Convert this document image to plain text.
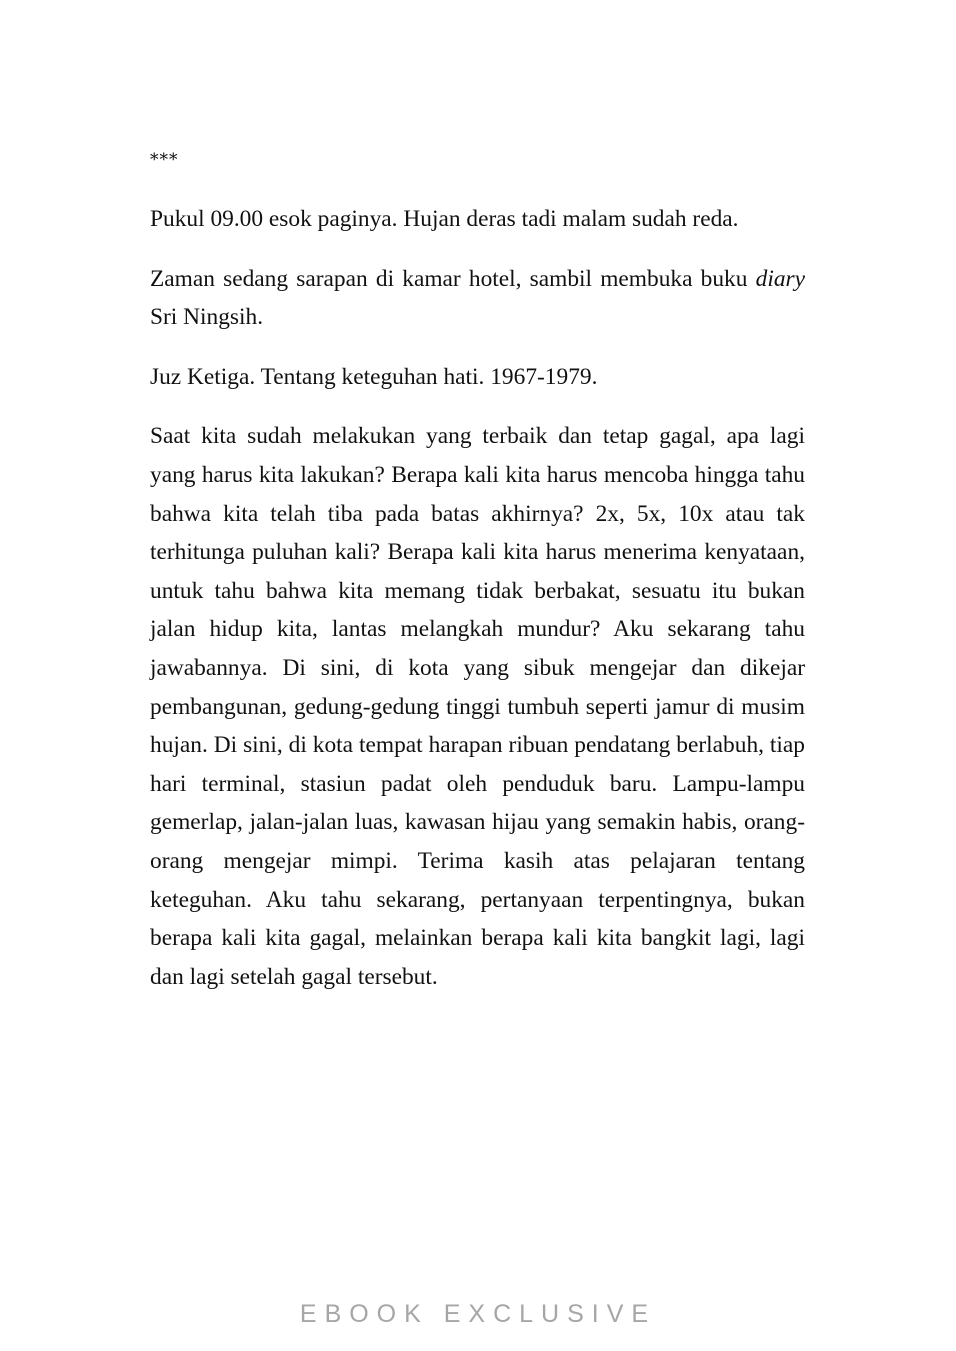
***

Pukul 09.00 esok paginya. Hujan deras tadi malam sudah reda.

Zaman sedang sarapan di kamar hotel, sambil membuka buku diary Sri Ningsih.

Juz Ketiga. Tentang keteguhan hati. 1967-1979.

Saat kita sudah melakukan yang terbaik dan tetap gagal, apa lagi yang harus kita lakukan? Berapa kali kita harus mencoba hingga tahu bahwa kita telah tiba pada batas akhirnya? 2x, 5x, 10x atau tak terhitunga puluhan kali? Berapa kali kita harus menerima kenyataan, untuk tahu bahwa kita memang tidak berbakat, sesuatu itu bukan jalan hidup kita, lantas melangkah mundur? Aku sekarang tahu jawabannya. Di sini, di kota yang sibuk mengejar dan dikejar pembangunan, gedung-gedung tinggi tumbuh seperti jamur di musim hujan. Di sini, di kota tempat harapan ribuan pendatang berlabuh, tiap hari terminal, stasiun padat oleh penduduk baru. Lampu-lampu gemerlap, jalan-jalan luas, kawasan hijau yang semakin habis, orang-orang mengejar mimpi. Terima kasih atas pelajaran tentang keteguhan. Aku tahu sekarang, pertanyaan terpentingnya, bukan berapa kali kita gagal, melainkan berapa kali kita bangkit lagi, lagi dan lagi setelah gagal tersebut.

EBOOK EXCLUSIVE
